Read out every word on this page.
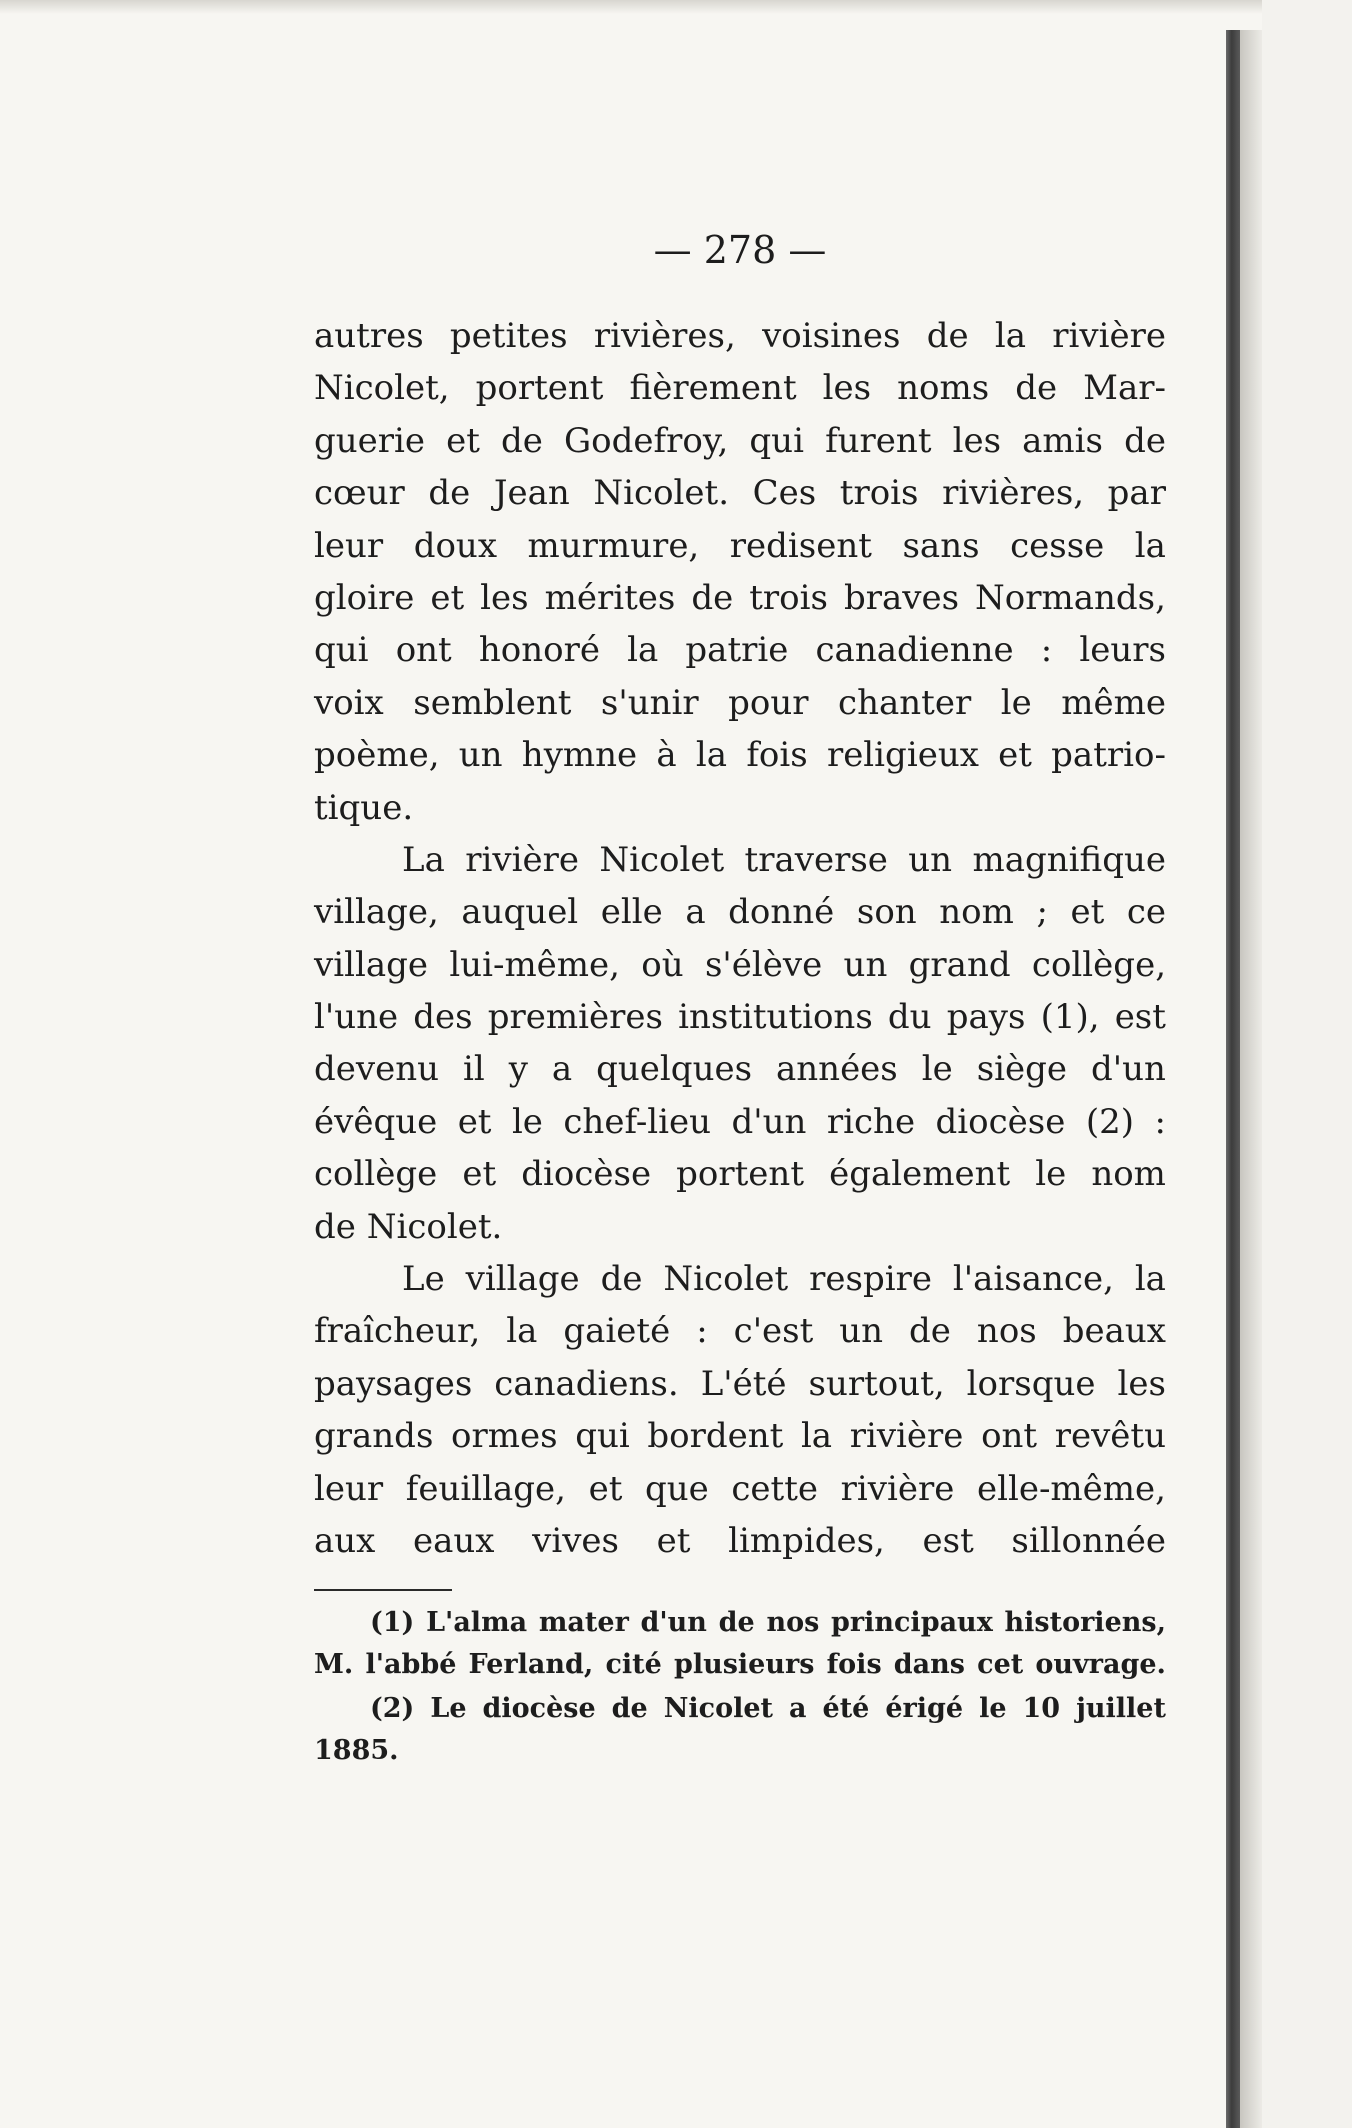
— 278 —
autres petites rivières, voisines de la rivière
Nicolet, portent fièrement les noms de Mar-
guerie et de Godefroy, qui furent les amis de
cœur de Jean Nicolet. Ces trois rivières, par
leur doux murmure, redisent sans cesse la
gloire et les mérites de trois braves Normands,
qui ont honoré la patrie canadienne : leurs
voix semblent s'unir pour chanter le même
poème, un hymne à la fois religieux et patrio-
tique.
La rivière Nicolet traverse un magnifique
village, auquel elle a donné son nom ; et ce
village lui-même, où s'élève un grand collège,
l'une des premières institutions du pays (1), est
devenu il y a quelques années le siège d'un
évêque et le chef-lieu d'un riche diocèse (2) :
collège et diocèse portent également le nom
de Nicolet.
Le village de Nicolet respire l'aisance, la
fraîcheur, la gaieté : c'est un de nos beaux
paysages canadiens. L'été surtout, lorsque les
grands ormes qui bordent la rivière ont revêtu
leur feuillage, et que cette rivière elle-même,
aux eaux vives et limpides, est sillonnée
(1) L'alma mater d'un de nos principaux historiens,
M. l'abbé Ferland, cité plusieurs fois dans cet ouvrage.
(2) Le diocèse de Nicolet a été érigé le 10 juillet
1885.
